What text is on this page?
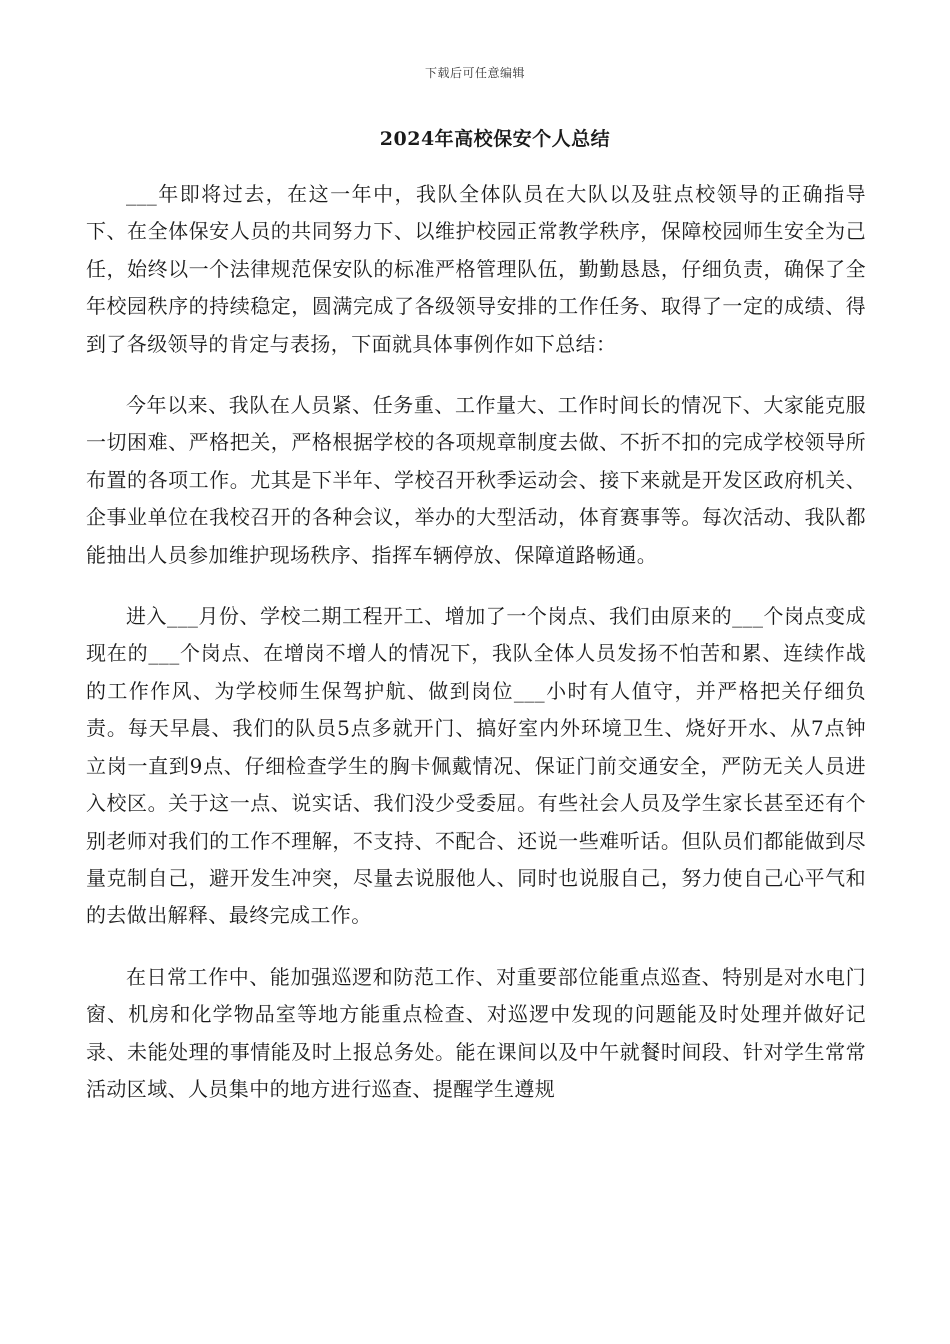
下载后可任意编辑
2024年高校保安个人总结

___年即将过去，在这一年中，我队全体队员在大队以及驻点校领导的正确指导下、在全体保安人员的共同努力下、以维护校园正常教学秩序，保障校园师生安全为己任，始终以一个法律规范保安队的标准严格管理队伍，勤勤恳恳，仔细负责，确保了全年校园秩序的持续稳定，圆满完成了各级领导安排的工作任务、取得了一定的成绩、得到了各级领导的肯定与表扬，下面就具体事例作如下总结：

今年以来、我队在人员紧、任务重、工作量大、工作时间长的情况下、大家能克服一切困难、严格把关，严格根据学校的各项规章制度去做、不折不扣的完成学校领导所布置的各项工作。尤其是下半年、学校召开秋季运动会、接下来就是开发区政府机关、企事业单位在我校召开的各种会议，举办的大型活动，体育赛事等。每次活动、我队都能抽出人员参加维护现场秩序、指挥车辆停放、保障道路畅通。

进入___月份、学校二期工程开工、增加了一个岗点、我们由原来的___个岗点变成现在的___个岗点、在增岗不增人的情况下，我队全体人员发扬不怕苦和累、连续作战的工作作风、为学校师生保驾护航、做到岗位___小时有人值守，并严格把关仔细负责。每天早晨、我们的队员5点多就开门、搞好室内外环境卫生、烧好开水、从7点钟立岗一直到9点、仔细检查学生的胸卡佩戴情况、保证门前交通安全，严防无关人员进入校区。关于这一点、说实话、我们没少受委屈。有些社会人员及学生家长甚至还有个别老师对我们的工作不理解，不支持、不配合、还说一些难听话。但队员们都能做到尽量克制自己，避开发生冲突，尽量去说服他人、同时也说服自己，努力使自己心平气和的去做出解释、最终完成工作。

在日常工作中、能加强巡逻和防范工作、对重要部位能重点巡查、特别是对水电门窗、机房和化学物品室等地方能重点检查、对巡逻中发现的问题能及时处理并做好记录、未能处理的事情能及时上报总务处。能在课间以及中午就餐时间段、针对学生常常活动区域、人员集中的地方进行巡查、提醒学生遵规
